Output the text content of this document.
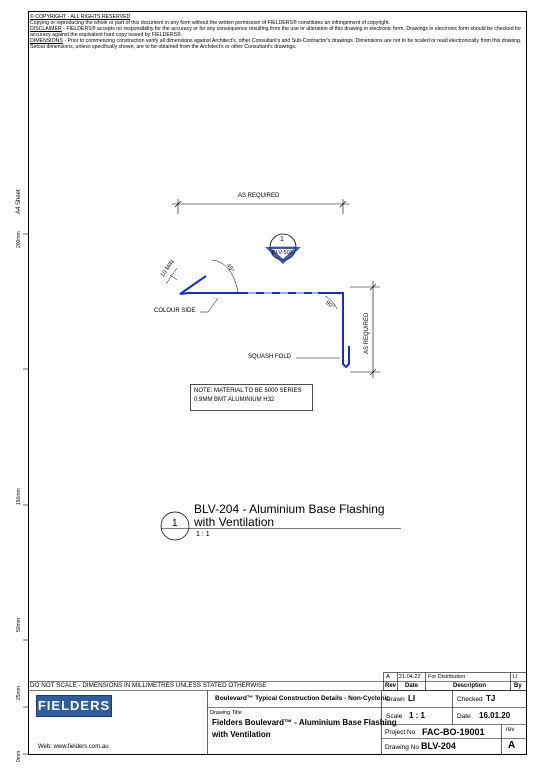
© COPYRIGHT - ALL RIGHTS RESERVED

Copying or reproducing the whole or part of this document in any form without the written permission of FIELDERS® constitutes an infringement of copyright.

DISCLAIMER - FIELDERS® accepts no responsibility for the accuracy or for any consequence resulting from the use or alteration of this drawing in electronic form. Drawings in electronic form should be checked for accuracy against the equivalent hard copy issued by FIELDERS®.

DIMENSIONS - Prior to commencing construction verify all dimensions against Architect's, other Consultant's and Sub-Contractor's drawings. Dimensions are not to be scaled or read electronically from this drawing. Setout dimensions, unless specifically shown, are to be obtained from the Architect's or other Consultant's drawings.

A4 Sheet
200mm
150mm
50mm
25mm
0mm
AS REQUIRED
AS REQUIRED
10 MIN	45°
90°
COLOUR SIDE
SQUASH FOLD
1
BLV-503
NOTE: MATERIAL TO BE 5000 SERIES
0.9MM BMT ALUMINIUM H32
1
BLV-204 - Aluminium Base Flashing
with Ventilation
1 : 1
A 21.04.22 For Distribution	LI
Rev Date	Description	By
DO NOT SCALE - DIMENSIONS IN MILLIMETRES UNLESS STATED OTHERWISE
FIELDERS
Web: www.fielders.com.au
Boulevard™ Typical Construction Details - Non-Cyclonic
Drawing Title
Fielders Boulevard™ - Aluminium Base Flashing
with Ventilation
Drawn LI	Checked TJ
Scale 1 : 1	Date 16.01.20
Project No FAC-BO-19001	rev
Drawing No BLV-204	A
